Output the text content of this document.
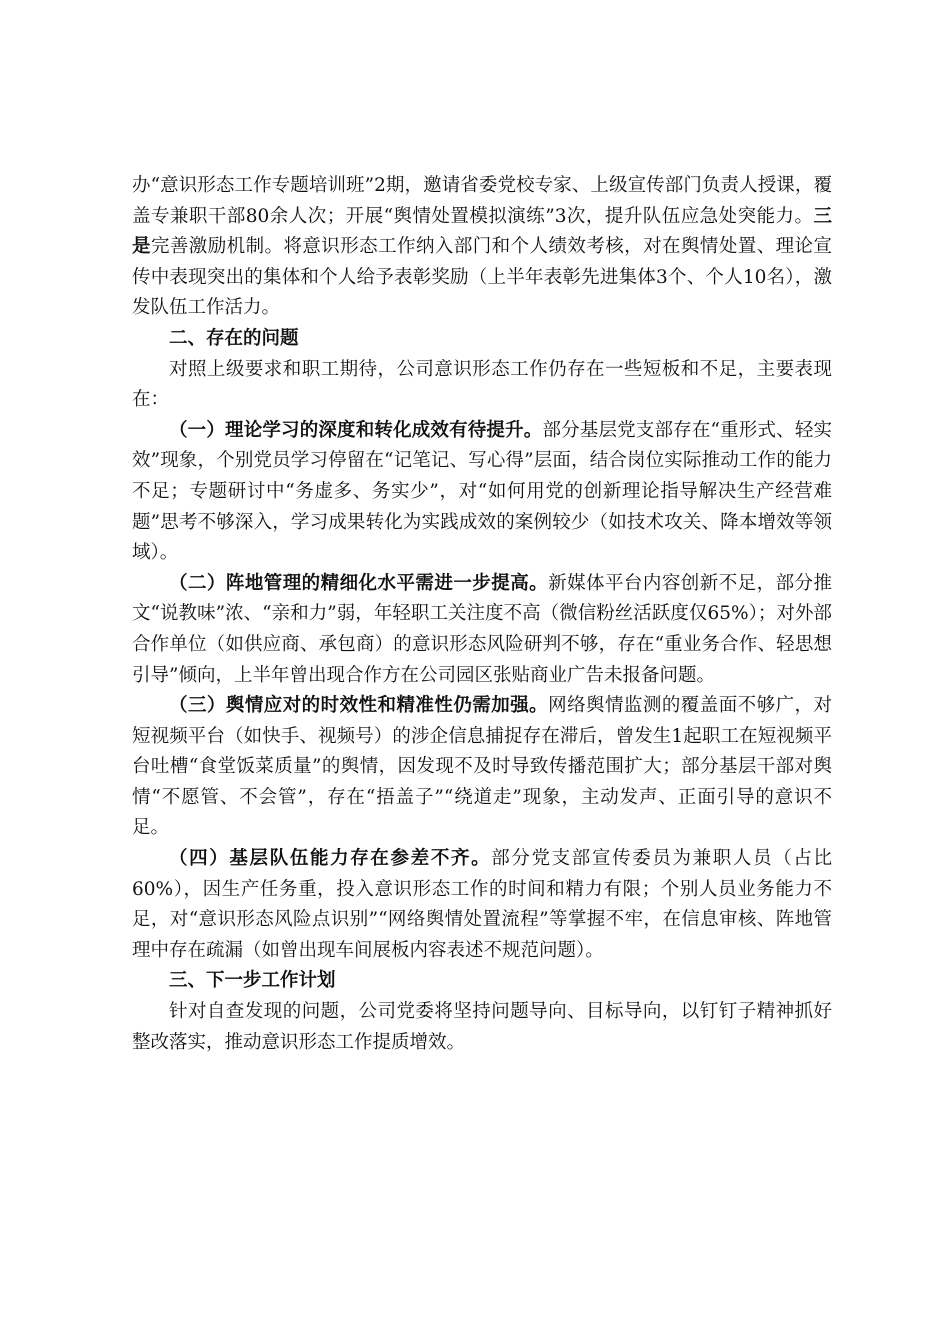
办“意识形态工作专题培训班”2期，邀请省委党校专家、上级宣传部门负责人授课，覆盖专兼职干部80余人次；开展“舆情处置模拟演练”3次，提升队伍应急处突能力。三是完善激励机制。将意识形态工作纳入部门和个人绩效考核，对在舆情处置、理论宣传中表现突出的集体和个人给予表彰奖励（上半年表彰先进集体3个、个人10名），激发队伍工作活力。

二、存在的问题

对照上级要求和职工期待，公司意识形态工作仍存在一些短板和不足，主要表现在：

（一）理论学习的深度和转化成效有待提升。部分基层党支部存在“重形式、轻实效”现象，个别党员学习停留在“记笔记、写心得”层面，结合岗位实际推动工作的能力不足；专题研讨中“务虚多、务实少”，对“如何用党的创新理论指导解决生产经营难题”思考不够深入，学习成果转化为实践成效的案例较少（如技术攻关、降本增效等领域）。

（二）阵地管理的精细化水平需进一步提高。新媒体平台内容创新不足，部分推文“说教味”浓、“亲和力”弱，年轻职工关注度不高（微信粉丝活跃度仅65%）；对外部合作单位（如供应商、承包商）的意识形态风险研判不够，存在“重业务合作、轻思想引导”倾向，上半年曾出现合作方在公司园区张贴商业广告未报备问题。

（三）舆情应对的时效性和精准性仍需加强。网络舆情监测的覆盖面不够广，对短视频平台（如快手、视频号）的涉企信息捕捉存在滞后，曾发生1起职工在短视频平台吐槽“食堂饭菜质量”的舆情，因发现不及时导致传播范围扩大；部分基层干部对舆情“不愿管、不会管”，存在“捂盖子”“绕道走”现象，主动发声、正面引导的意识不足。

（四）基层队伍能力存在参差不齐。部分党支部宣传委员为兼职人员（占比60%），因生产任务重，投入意识形态工作的时间和精力有限；个别人员业务能力不足，对“意识形态风险点识别”“网络舆情处置流程”等掌握不牢，在信息审核、阵地管理中存在疏漏（如曾出现车间展板内容表述不规范问题）。

三、下一步工作计划

针对自查发现的问题，公司党委将坚持问题导向、目标导向，以钉钉子精神抓好整改落实，推动意识形态工作提质增效。
